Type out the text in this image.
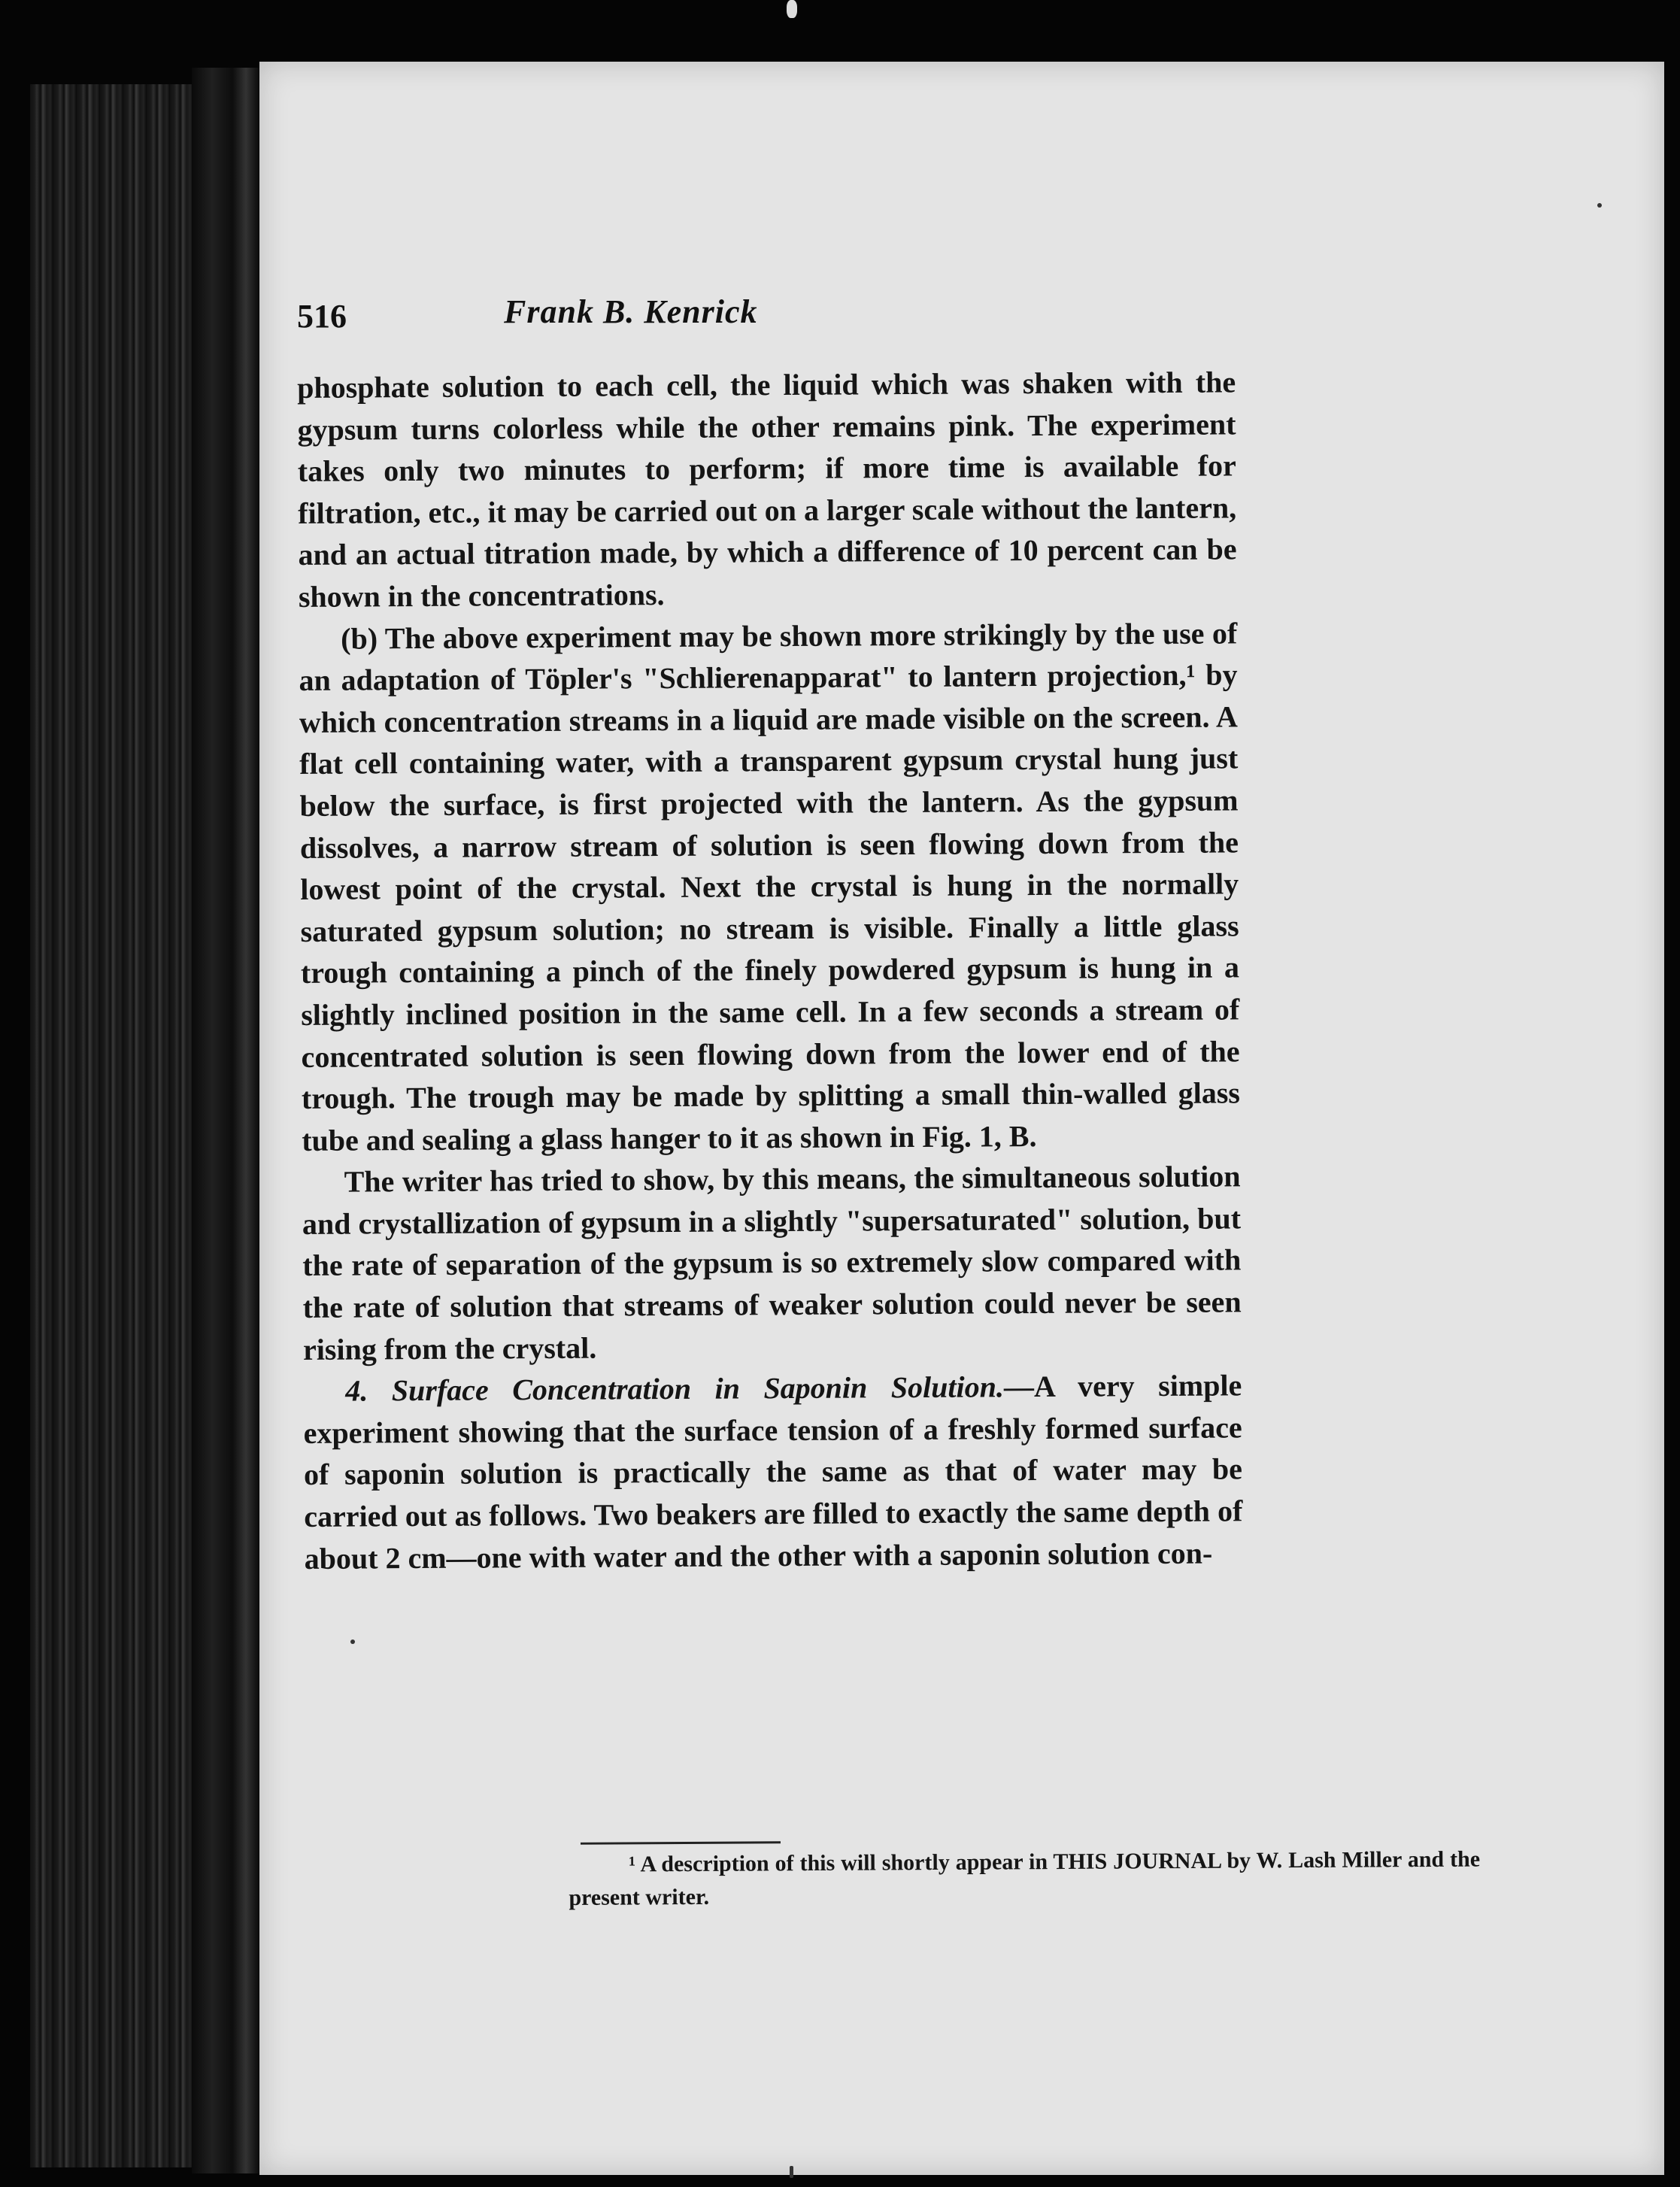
516	Frank B. Kenrick

phosphate solution to each cell, the liquid which was shaken with the gypsum turns colorless while the other remains pink. The experiment takes only two minutes to perform; if more time is available for filtration, etc., it may be carried out on a larger scale without the lantern, and an actual titration made, by which a difference of 10 percent can be shown in the concentrations.

(b) The above experiment may be shown more strikingly by the use of an adaptation of Töpler's "Schlierenapparat" to lantern projection,¹ by which concentration streams in a liquid are made visible on the screen. A flat cell containing water, with a transparent gypsum crystal hung just below the surface, is first projected with the lantern. As the gypsum dissolves, a narrow stream of solution is seen flowing down from the lowest point of the crystal. Next the crystal is hung in the normally saturated gypsum solution; no stream is visible. Finally a little glass trough containing a pinch of the finely powdered gypsum is hung in a slightly inclined position in the same cell. In a few seconds a stream of concentrated solution is seen flowing down from the lower end of the trough. The trough may be made by splitting a small thin-walled glass tube and sealing a glass hanger to it as shown in Fig. 1, B.

The writer has tried to show, by this means, the simultaneous solution and crystallization of gypsum in a slightly "supersaturated" solution, but the rate of separation of the gypsum is so extremely slow compared with the rate of solution that streams of weaker solution could never be seen rising from the crystal.

4. Surface Concentration in Saponin Solution.—A very simple experiment showing that the surface tension of a freshly formed surface of saponin solution is practically the same as that of water may be carried out as follows. Two beakers are filled to exactly the same depth of about 2 cm—one with water and the other with a saponin solution con-

¹ A description of this will shortly appear in THIS JOURNAL by W. Lash Miller and the present writer.
